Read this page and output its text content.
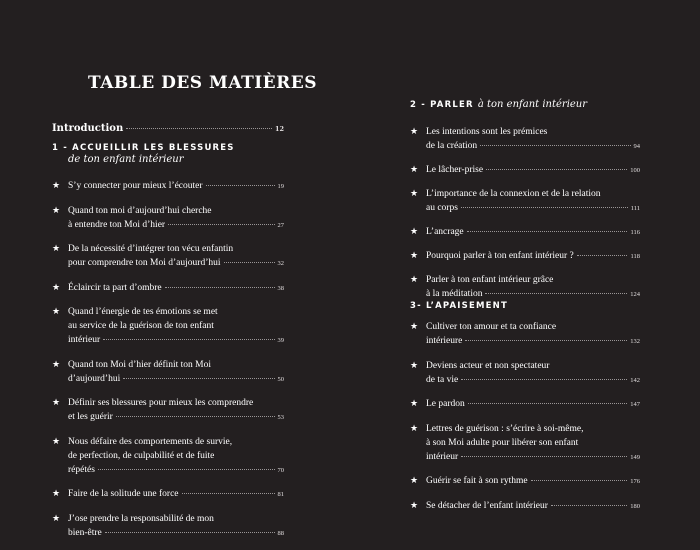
TABLE DES MATIÈRES
Introduction	12
1 - ACCUEILLIR LES BLESSURES
de ton enfant intérieur
★ S’y connecter pour mieux l’écouter	19
★ Quand ton moi d’aujourd’hui cherche
à entendre ton Moi d’hier	27
★ De la nécessité d’intégrer ton vécu enfantin
pour comprendre ton Moi d’aujourd’hui	32
★ Éclaircir ta part d’ombre	38
★ Quand l’énergie de tes émotions se met
au service de la guérison de ton enfant
intérieur	39
★ Quand ton Moi d’hier définit ton Moi
d’aujourd’hui	50
★ Définir ses blessures pour mieux les comprendre
et les guérir	53
★ Nous défaire des comportements de survie,
de perfection, de culpabilité et de fuite
répétés	70
★ Faire de la solitude une force	81
★ J’ose prendre la responsabilité de mon
bien-être	88
2 - PARLER à ton enfant intérieur
★ Les intentions sont les prémices
de la création	94
★ Le lâcher-prise	100
★ L’importance de la connexion et de la relation
au corps	111
★ L’ancrage	116
★ Pourquoi parler à ton enfant intérieur ?	118
★ Parler à ton enfant intérieur grâce
à la méditation	124
3- L’APAISEMENT
★ Cultiver ton amour et ta confiance
intérieure	132
★ Deviens acteur et non spectateur
de ta vie	142
★ Le pardon	147
★ Lettres de guérison : s’écrire à soi-même,
à son Moi adulte pour libérer son enfant
intérieur	149
★ Guérir se fait à son rythme	176
★ Se détacher de l’enfant intérieur	180
